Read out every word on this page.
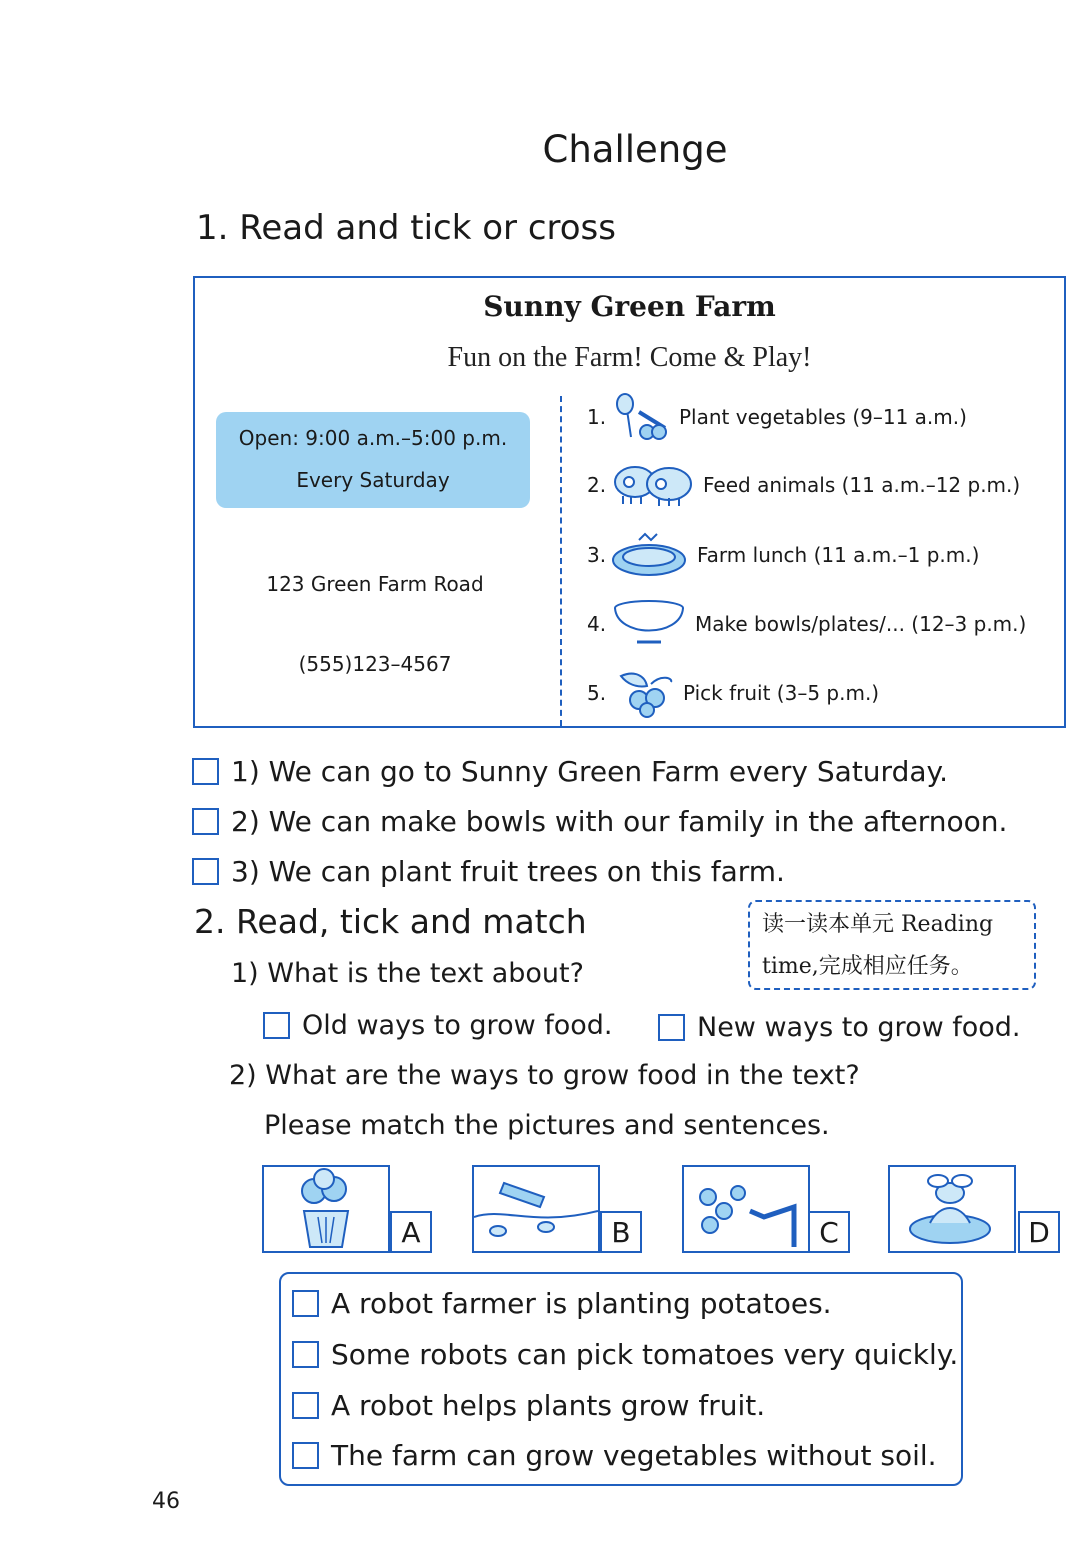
Challenge
1. Read and tick or cross
Sunny Green Farm
Fun on the Farm! Come & Play!
Open: 9:00 a.m.–5:00 p.m.
Every Saturday
123 Green Farm Road
(555)123–4567
1.	Plant vegetables (9–11 a.m.)
2.	Feed animals (11 a.m.–12 p.m.)
3.	Farm lunch (11 a.m.–1 p.m.)
4.	Make bowls/plates/... (12–3 p.m.)
5.	Pick fruit (3–5 p.m.)
1) We can go to Sunny Green Farm every Saturday.
2) We can make bowls with our family in the afternoon.
3) We can plant fruit trees on this farm.
2. Read, tick and match	读一读本单元 Reading
time,完成相应任务。
1) What is the text about?
Old ways to grow food.	New ways to grow food.
2) What are the ways to grow food in the text?
Please match the pictures and sentences.
A	B	C	D
A robot farmer is planting potatoes.
Some robots can pick tomatoes very quickly.
A robot helps plants grow fruit.
The farm can grow vegetables without soil.
46
